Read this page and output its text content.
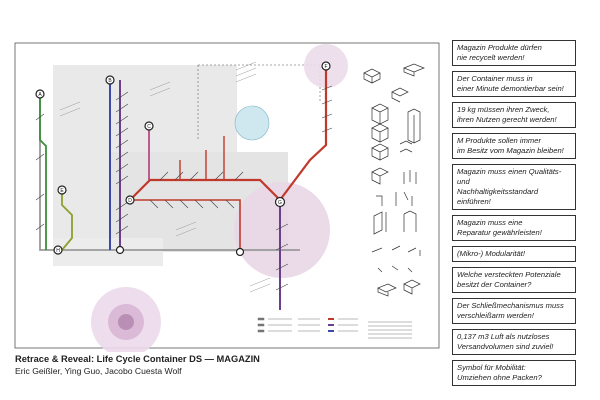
A
B
C
D
E
F
G
H
Magazin Produkte dürfen
nie recycelt werden!
Der Container muss in
einer Minute demontierbar sein!
19 kg müssen ihren Zweck,
ihren Nutzen gerecht werden!
M Produkte sollen immer
im Besitz vom Magazin bleiben!
Magazin muss einen Qualitäts- und
Nachhaltigkeitsstandard einführen!
Magazin muss eine
Reparatur gewährleisten!
(Mikro-) Modularität!
Welche versteckten Potenziale
besitzt der Container?
Der Schließmechanismus muss
verschleißarm werden!
0,137 m3 Luft als nutzloses
Versandvolumen sind zuviel!
Symbol für Mobilität:
Umziehen ohne Packen?
Retrace & Reveal: Life Cycle Container DS — MAGAZIN
Eric Geißler, Ying Guo, Jacobo Cuesta Wolf
